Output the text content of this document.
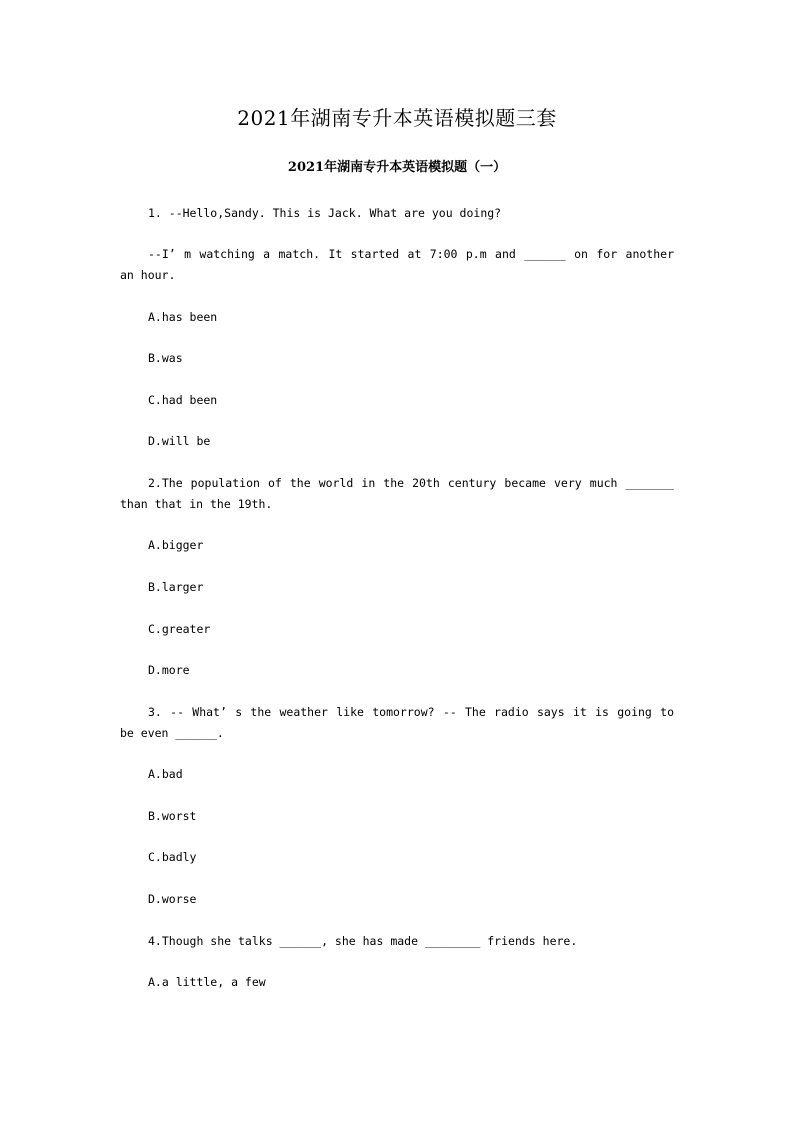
2021年湖南专升本英语模拟题三套
2021年湖南专升本英语模拟题（一）
1. --Hello,Sandy. This is Jack. What are you doing?
--I’ m watching a match. It started at 7:00 p.m and ______ on for another an hour.
A.has been
B.was
C.had been
D.will be
2.The population of the world in the 20th century became very much _______ than that in the 19th.
A.bigger
B.larger
C.greater
D.more
3. -- What’ s the weather like tomorrow? -- The radio says it is going to be even ______.
A.bad
B.worst
C.badly
D.worse
4.Though she talks ______, she has made ________ friends here.
A.a little, a few
